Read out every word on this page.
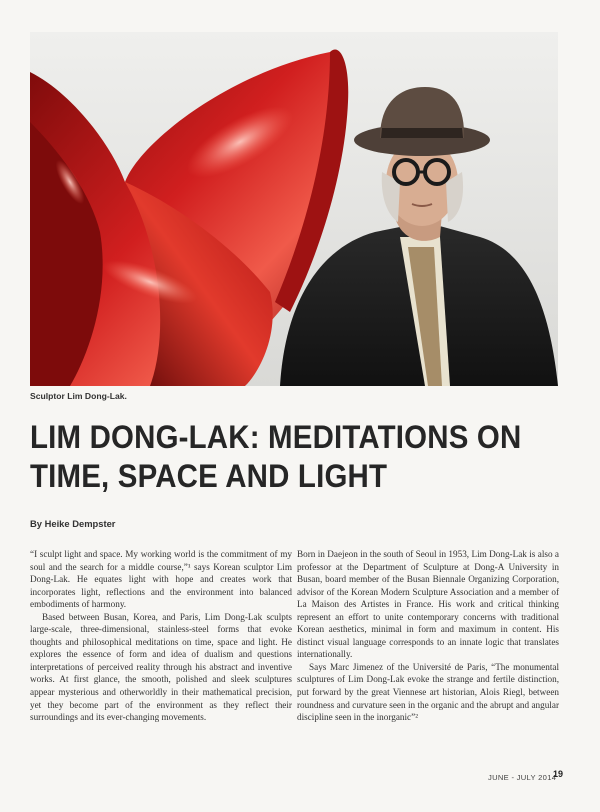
Sculptor Lim Dong-Lak.
LIM DONG-LAK: MEDITATIONS ON
TIME, SPACE AND LIGHT
By Heike Dempster

“I sculpt light and space. My working world is the commitment of my soul and the search for a middle course,”¹ says Korean sculptor Lim Dong-Lak. He equates light with hope and creates work that incorporates light, reflections and the environment into balanced embodiments of harmony.

Based between Busan, Korea, and Paris, Lim Dong-Lak sculpts large-scale, three-dimensional, stainless-steel forms that evoke thoughts and philosophical meditations on time, space and light. He explores the essence of form and idea of dualism and questions interpretations of perceived reality through his abstract and inventive works. At first glance, the smooth, polished and sleek sculptures appear mysterious and otherworldly in their mathematical precision, yet they become part of the environment as they reflect their surroundings and its ever-changing movements.

Born in Daejeon in the south of Seoul in 1953, Lim Dong-Lak is also a professor at the Department of Sculpture at Dong-A University in Busan, board member of the Busan Biennale Organizing Corporation, advisor of the Korean Modern Sculpture Association and a member of La Maison des Artistes in France. His work and critical thinking represent an effort to unite contemporary concerns with traditional Korean aesthetics, minimal in form and maximum in content. His distinct visual language corresponds to an innate logic that translates internationally.

Says Marc Jimenez of the Université de Paris, “The monumental sculptures of Lim Dong-Lak evoke the strange and fertile distinction, put forward by the great Viennese art historian, Alois Riegl, between roundness and curvature seen in the organic and the abrupt and angular discipline seen in the inorganic”²

JUNE - JULY 2014
19
